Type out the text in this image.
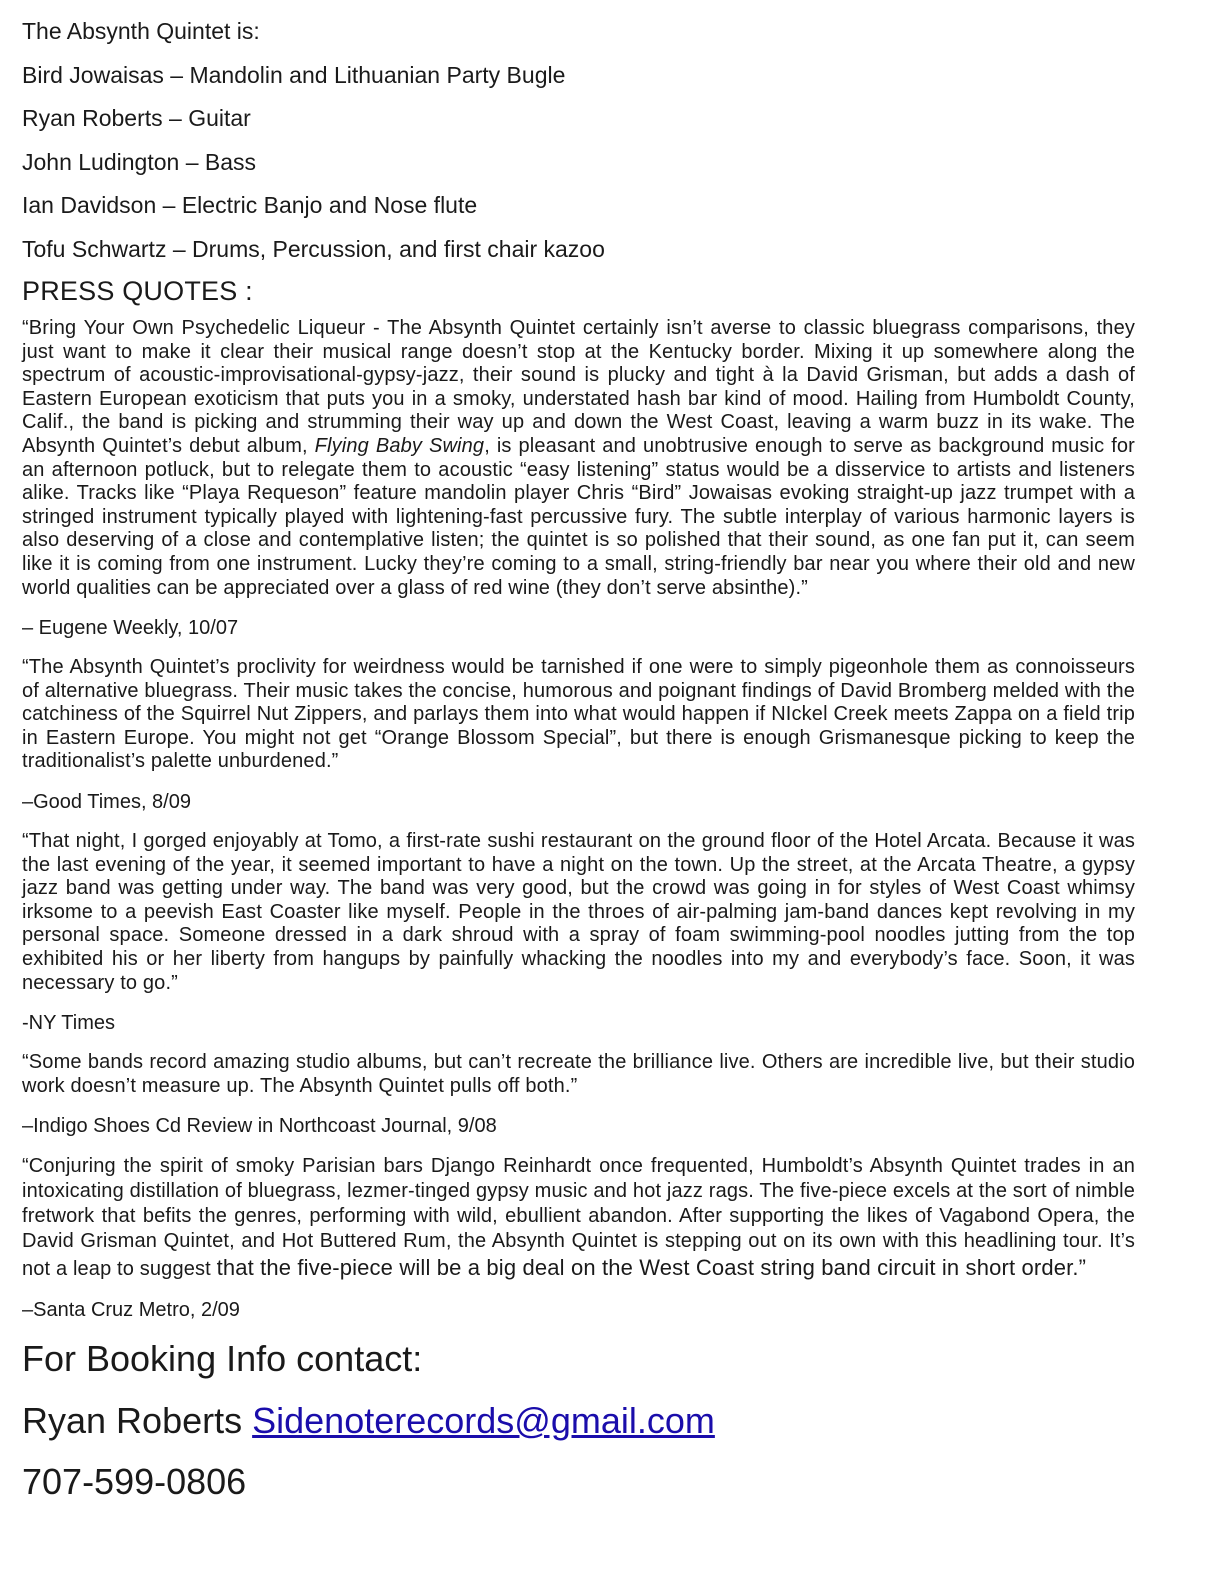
The Absynth Quintet is:

Bird Jowaisas – Mandolin and Lithuanian Party Bugle
Ryan Roberts – Guitar
John Ludington – Bass
Ian Davidson – Electric Banjo and Nose flute
Tofu Schwartz – Drums, Percussion, and first chair kazoo
PRESS QUOTES :

“Bring Your Own Psychedelic Liqueur - The Absynth Quintet certainly isn’t averse to classic bluegrass comparisons, they just want to make it clear their musical range doesn’t stop at the Kentucky border. Mixing it up somewhere along the spectrum of acoustic-improvisational-gypsy-jazz, their sound is plucky and tight à la David Grisman, but adds a dash of Eastern European exoticism that puts you in a smoky, understated hash bar kind of mood. Hailing from Humboldt County, Calif., the band is picking and strumming their way up and down the West Coast, leaving a warm buzz in its wake. The Absynth Quintet’s debut album, Flying Baby Swing, is pleasant and unobtrusive enough to serve as background music for an afternoon potluck, but to relegate them to acoustic “easy listening” status would be a disservice to artists and listeners alike. Tracks like “Playa Requeson” feature mandolin player Chris “Bird” Jowaisas evoking straight-up jazz trumpet with a stringed instrument typically played with lightening-fast percussive fury. The subtle interplay of various harmonic layers is also deserving of a close and contemplative listen; the quintet is so polished that their sound, as one fan put it, can seem like it is coming from one instrument. Lucky they’re coming to a small, string-friendly bar near you where their old and new world qualities can be appreciated over a glass of red wine (they don’t serve absinthe).”

– Eugene Weekly, 10/07

“The Absynth Quintet’s proclivity for weirdness would be tarnished if one were to simply pigeonhole them as connoisseurs of alternative bluegrass. Their music takes the concise, humorous and poignant findings of David Bromberg melded with the catchiness of the Squirrel Nut Zippers, and parlays them into what would happen if NIckel Creek meets Zappa on a field trip in Eastern Europe. You might not get “Orange Blossom Special”, but there is enough Grismanesque picking to keep the traditionalist’s palette unburdened.”

–Good Times, 8/09

“That night, I gorged enjoyably at Tomo, a first-rate sushi restaurant on the ground floor of the Hotel Arcata. Because it was the last evening of the year, it seemed important to have a night on the town. Up the street, at the Arcata Theatre, a gypsy jazz band was getting under way. The band was very good, but the crowd was going in for styles of West Coast whimsy irksome to a peevish East Coaster like myself. People in the throes of air-palming jam-band dances kept revolving in my personal space. Someone dressed in a dark shroud with a spray of foam swimming-pool noodles jutting from the top exhibited his or her liberty from hangups by painfully whacking the noodles into my and everybody’s face. Soon, it was necessary to go.”

-NY Times

“Some bands record amazing studio albums, but can’t recreate the brilliance live. Others are incredible live, but their studio work doesn’t measure up. The Absynth Quintet pulls off both.”

–Indigo Shoes Cd Review in Northcoast Journal, 9/08

“Conjuring the spirit of smoky Parisian bars Django Reinhardt once frequented, Humboldt’s Absynth Quintet trades in an intoxicating distillation of bluegrass, lezmer-tinged gypsy music and hot jazz rags. The five-piece excels at the sort of nimble fretwork that befits the genres, performing with wild, ebullient abandon. After supporting the likes of Vagabond Opera, the David Grisman Quintet, and Hot Buttered Rum, the Absynth Quintet is stepping out on its own with this headlining tour. It’s not a leap to suggest that the five-piece will be a big deal on the West Coast string band circuit in short order.”

–Santa Cruz Metro, 2/09

For Booking Info contact:

Ryan Roberts Sidenoterecords@gmail.com

707-599-0806
